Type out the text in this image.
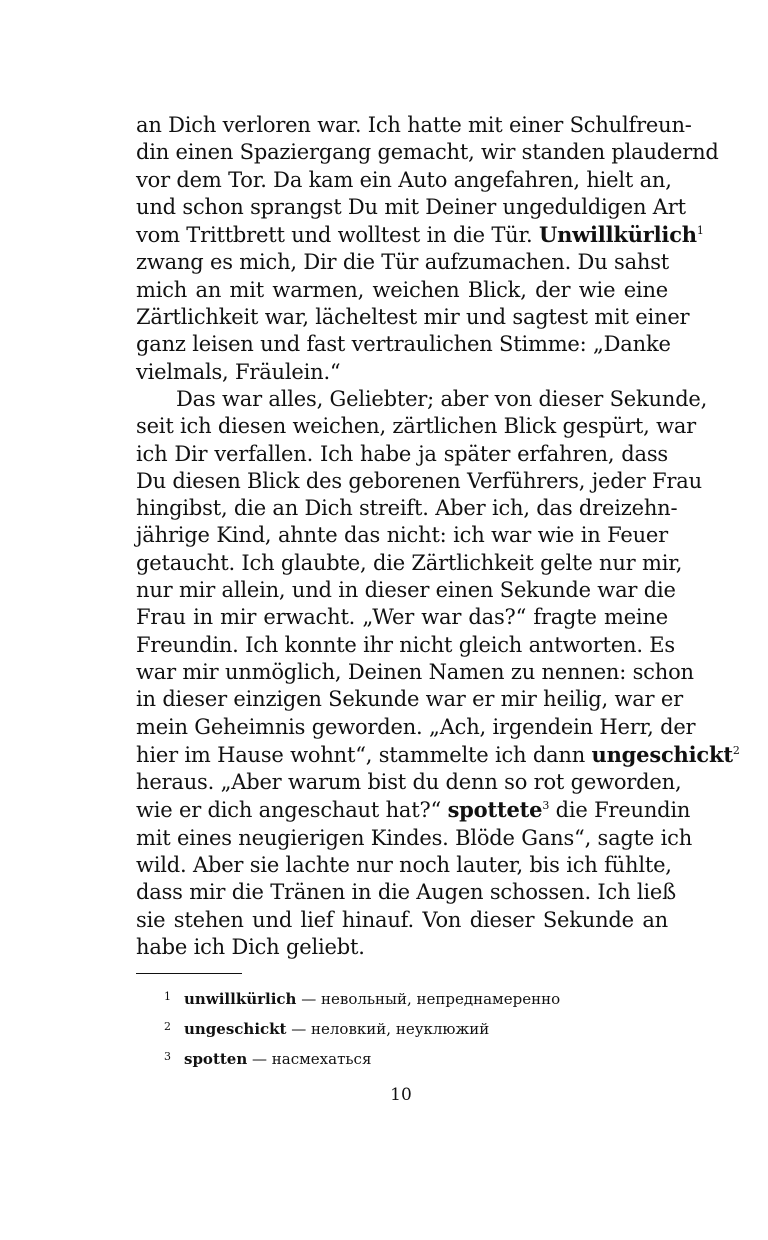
an Dich verloren war. Ich hatte mit einer Schulfreun-
din einen Spaziergang gemacht, wir standen plaudernd
vor dem Tor. Da kam ein Auto angefahren, hielt an,
und schon sprangst Du mit Deiner ungeduldigen Art
vom Trittbrett und wolltest in die Tür. Unwillkürlich$^1$
zwang es mich, Dir die Tür aufzumachen. Du sahst
mich an mit warmen, weichen Blick, der wie eine
Zärtlichkeit war, lächeltest mir und sagtest mit einer
ganz leisen und fast vertraulichen Stimme: „Danke
vielmals, Fräulein.“
Das war alles, Geliebter; aber von dieser Sekunde,
seit ich diesen weichen, zärtlichen Blick gespürt, war
ich Dir verfallen. Ich habe ja später erfahren, dass
Du diesen Blick des geborenen Verführers, jeder Frau
hingibst, die an Dich streift. Aber ich, das dreizehn-
jährige Kind, ahnte das nicht: ich war wie in Feuer
getaucht. Ich glaubte, die Zärtlichkeit gelte nur mir,
nur mir allein, und in dieser einen Sekunde war die
Frau in mir erwacht. „Wer war das?“ fragte meine
Freundin. Ich konnte ihr nicht gleich antworten. Es
war mir unmöglich, Deinen Namen zu nennen: schon
in dieser einzigen Sekunde war er mir heilig, war er
mein Geheimnis geworden. „Ach, irgendein Herr, der
hier im Hause wohnt“, stammelte ich dann ungeschickt$^2$
heraus. „Aber warum bist du denn so rot geworden,
wie er dich angeschaut hat?“ spottete$^3$ die Freundin
mit eines neugierigen Kindes. Blöde Gans“, sagte ich
wild. Aber sie lachte nur noch lauter, bis ich fühlte,
dass mir die Tränen in die Augen schossen. Ich ließ
sie stehen und lief hinauf. Von dieser Sekunde an
habe ich Dich geliebt.
1 unwillkürlich — невольный, непреднамеренно
2 ungeschickt — неловкий, неуклюжий
3 spotten — насмехаться
10
